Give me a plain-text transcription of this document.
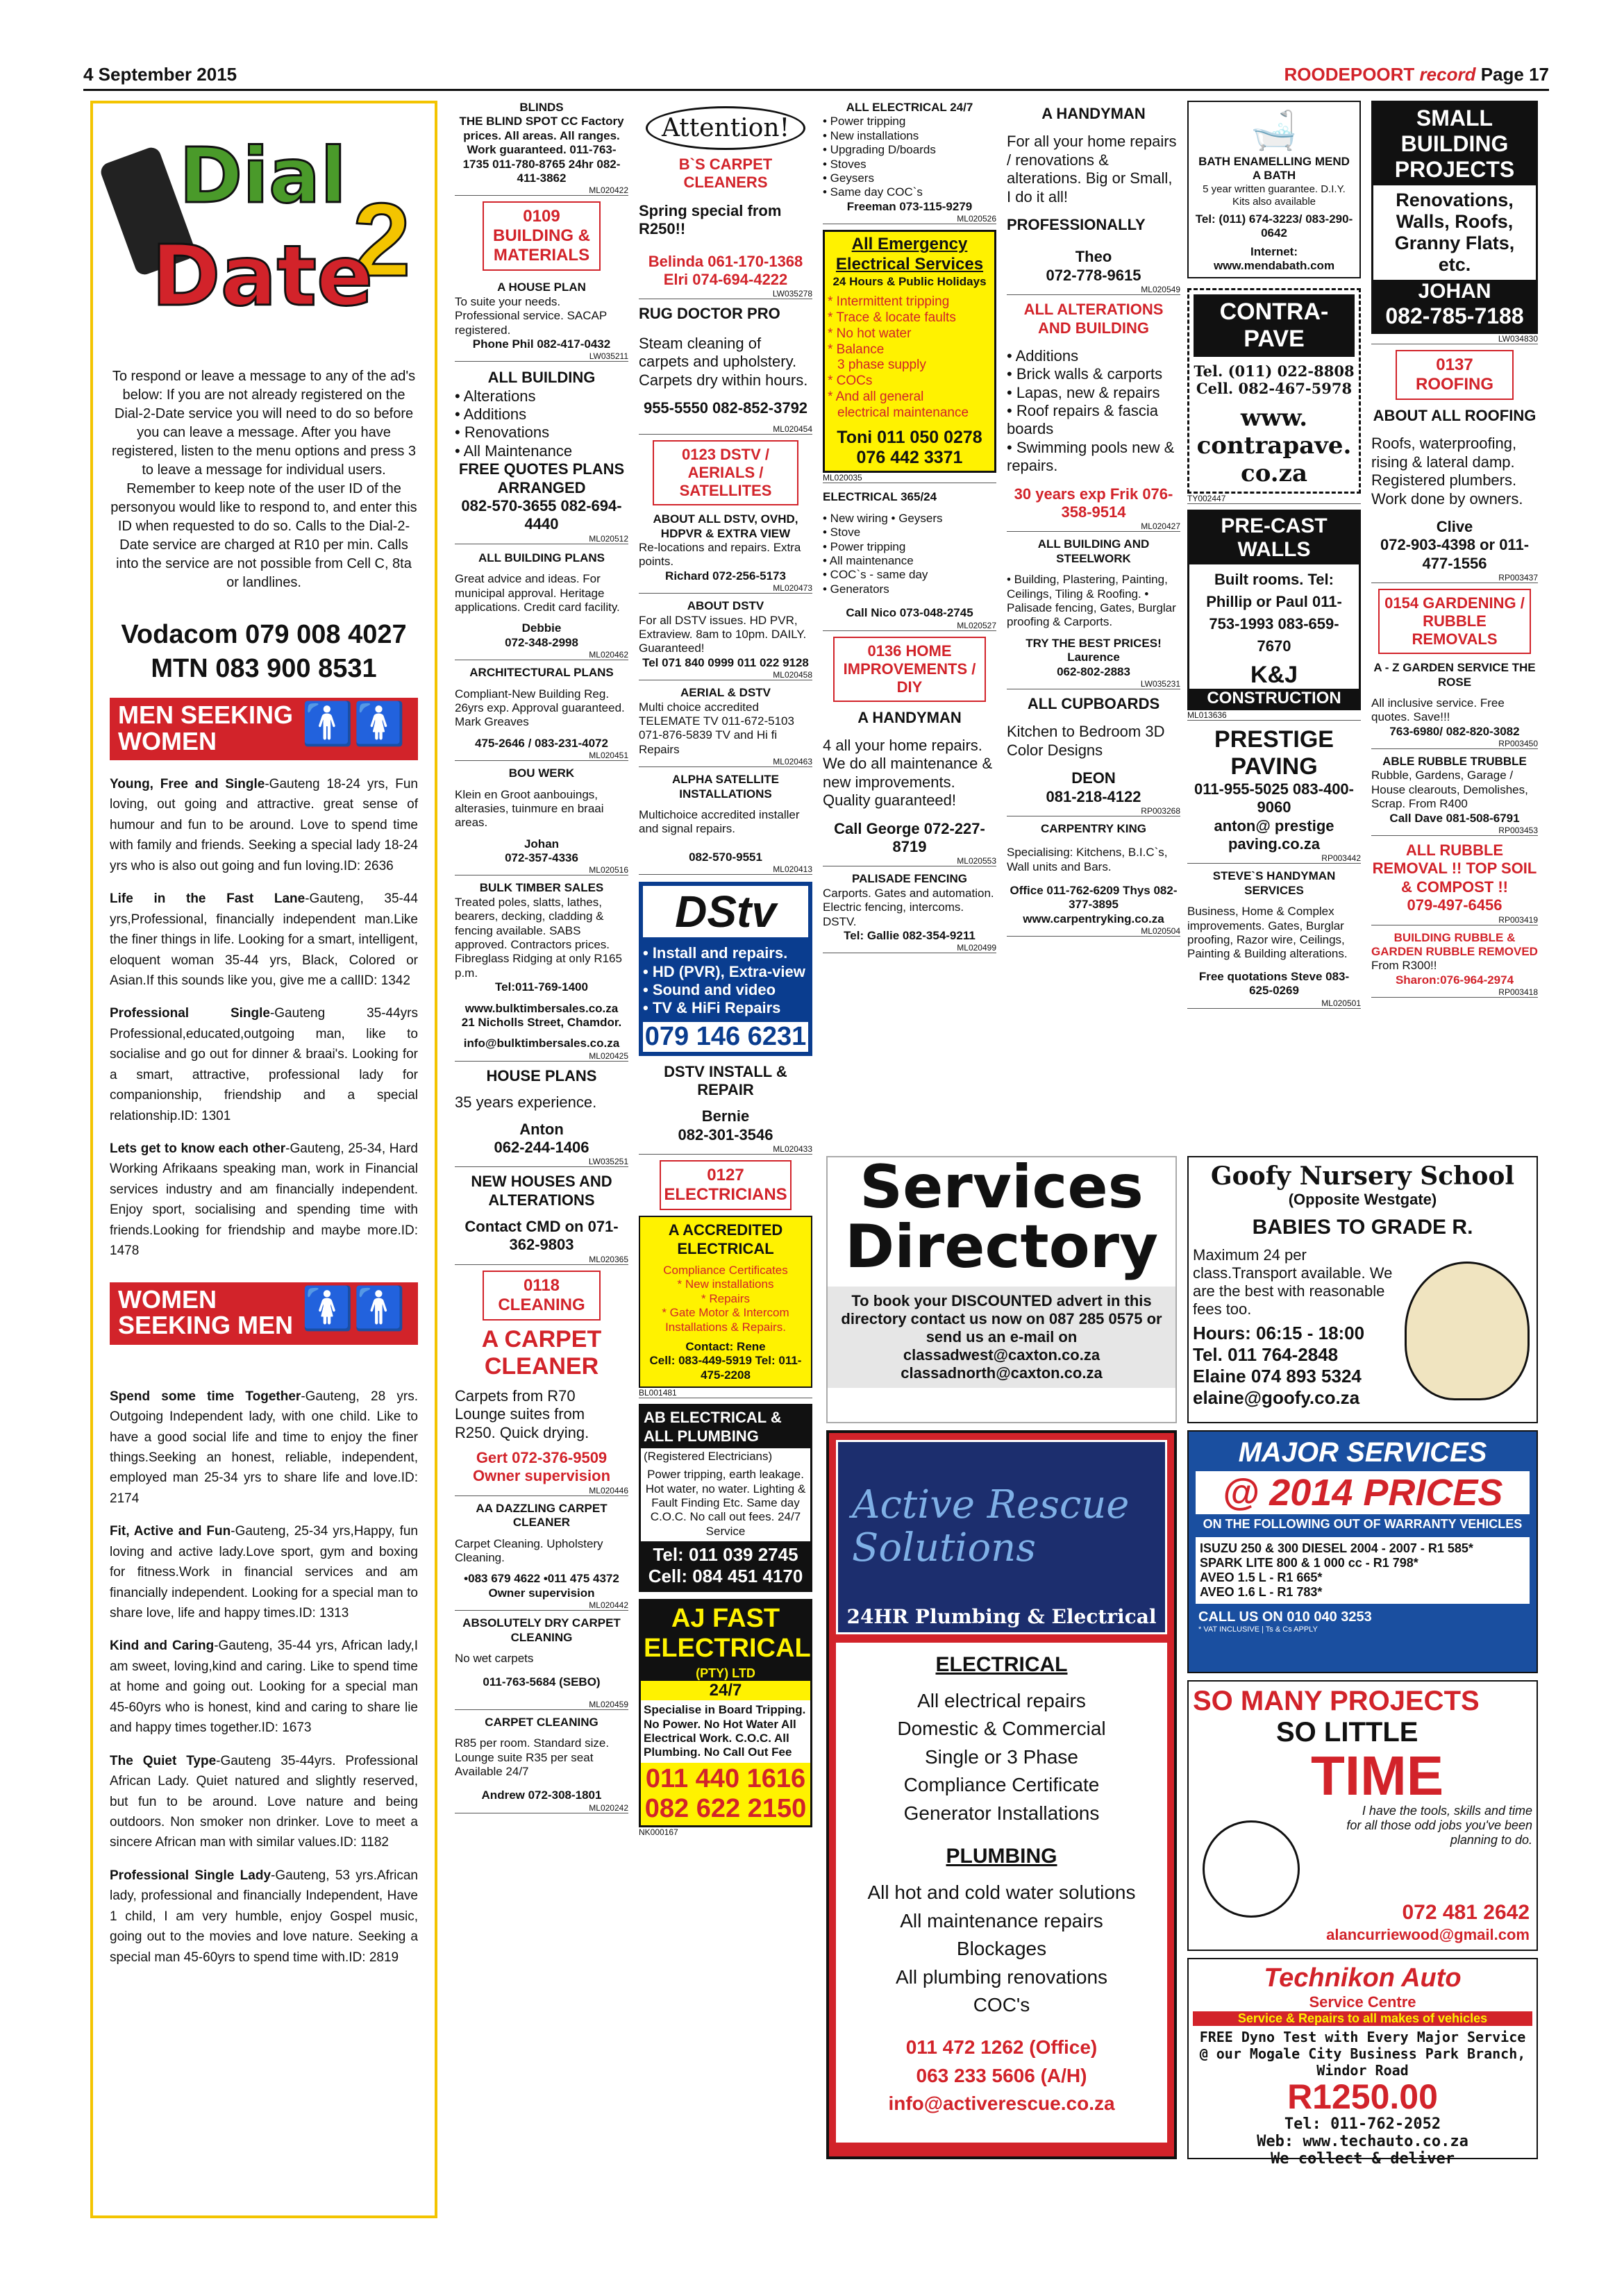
4 September 2015	ROODEPOORT record Page 17
Dial
2
Date
To respond or leave a message to any of the ad's below: If you are not already registered on the Dial-2-Date service you will need to do so before you can leave a message. After you have registered, listen to the menu options and press 3 to leave a message for individual users. Remember to keep note of the user ID of the personyou would like to respond to, and enter this ID when requested to do so. Calls to the Dial-2-Date service are charged at R10 per min. Calls into the service are not possible from Cell C, 8ta or landlines.
Vodacom 079 008 4027
MTN 083 900 8531
MEN SEEKING
WOMEN	🚹🚺

Young, Free and Single-Gauteng 18-24 yrs, Fun loving, out going and attractive. great sense of humour and fun to be around. Love to spend time with family and friends. Seeking a special lady 18-24 yrs who is also out going and fun loving.ID: 2636

Life in the Fast Lane-Gauteng, 35-44 yrs,Professional, financially independent man.Like the finer things in life. Looking for a smart, intelligent, eloquent woman 35-44 yrs, Black, Colored or Asian.If this sounds like you, give me a callID: 1342

Professional Single-Gauteng 35-44yrs Professional,educated,outgoing man, like to socialise and go out for dinner & braai's. Looking for a smart, attractive, professional lady for companionship, friendship and a special relationship.ID: 1301

Lets get to know each other-Gauteng, 25-34, Hard Working Afrikaans speaking man, work in Financial services industry and am financially independent. Enjoy sport, socialising and spending time with friends.Looking for friendship and maybe more.ID: 1478

WOMEN
SEEKING MEN 🚺🚹

Spend some time Together-Gauteng, 28 yrs. Outgoing Independent lady, with one child. Like to have a good social life and time to enjoy the finer things.Seeking an honest, reliable, independent, employed man 25-34 yrs to share life and love.ID: 2174

Fit, Active and Fun-Gauteng, 25-34 yrs,Happy, fun loving and active lady.Love sport, gym and boxing for fitness.Work in financial services and am financially independent. Looking for a special man to share love, life and happy times.ID: 1313

Kind and Caring-Gauteng, 35-44 yrs, African lady,I am sweet, loving,kind and caring. Like to spend time at home and going out. Looking for a special man 45-60yrs who is honest, kind and caring to share lie and happy times together.ID: 1673

The Quiet Type-Gauteng 35-44yrs. Professional African Lady. Quiet natured and slightly reserved, but fun to be around. Love nature and being outdoors. Non smoker non drinker. Love to meet a sincere African man with similar values.ID: 1182

Professional Single Lady-Gauteng, 53 yrs.African lady, professional and financially Independent, Have 1 child, I am very humble, enjoy Gospel music, going out to the movies and love nature. Seeking a special man 45-60yrs to spend time with.ID: 2819

BLINDS
THE BLIND SPOT CC Factory prices. All areas. All ranges. Work guaranteed. 011-763-1735 011-780-8765 24hr 082-411-3862
ML020422
0109 BUILDING & MATERIALS
A HOUSE PLAN
To suite your needs. Professional service. SACAP registered.
Phone Phil 082-417-0432
LW035211
ALL BUILDING
• Alterations
• Additions
• Renovations
• All Maintenance
FREE QUOTES PLANS ARRANGED
082-570-3655 082-694-4440
ML020512
ALL BUILDING PLANS
Great advice and ideas. For municipal approval. Heritage applications. Credit card facility.
Debbie
072-348-2998
ML020462
ARCHITECTURAL PLANS
Compliant-New Building Reg. 26yrs exp. Approval guaranteed. Mark Greaves
475-2646 / 083-231-4072
ML020451
BOU WERK
Klein en Groot aanbouings, alterasies, tuinmure en braai areas.
Johan
072-357-4336
ML020516
BULK TIMBER SALES
Treated poles, slatts, lathes, bearers, decking, cladding & fencing available. SABS approved. Contractors prices. Fibreglass Ridging at only R165 p.m.
Tel:011-769-1400
www.bulktimbersales.co.za
21 Nicholls Street, Chamdor.
info@bulktimbersales.co.za
ML020425
HOUSE PLANS
35 years experience.
Anton
062-244-1406
LW035251
NEW HOUSES AND ALTERATIONS
Contact CMD on 071-362-9803
ML020365
0118 CLEANING
A CARPET CLEANER
Carpets from R70 Lounge suites from R250. Quick drying.
Gert 072-376-9509 Owner supervision
ML020446
AA DAZZLING CARPET CLEANER
Carpet Cleaning. Upholstery Cleaning.
•083 679 4622 •011 475 4372
Owner supervision
ML020442
ABSOLUTELY DRY CARPET CLEANING
No wet carpets
011-763-5684 (SEBO)
ML020459
CARPET CLEANING
R85 per room. Standard size. Lounge suite R35 per seat Available 24/7
Andrew 072-308-1801
ML020242
Attention!
B`S CARPET CLEANERS
Spring special from R250!!
Belinda 061-170-1368 Elri 074-694-4222
LW035278
RUG DOCTOR PRO
Steam cleaning of carpets and upholstery. Carpets dry within hours.
955-5550 082-852-3792
ML020454
0123 DSTV / AERIALS / SATELLITES
ABOUT ALL DSTV, OVHD, HDPVR & EXTRA VIEW
Re-locations and repairs. Extra points.
Richard 072-256-5173
ML020473
ABOUT DSTV
For all DSTV issues. HD PVR, Extraview. 8am to 10pm. DAILY. Guaranteed!
Tel 071 840 0999 011 022 9128
ML020458
AERIAL & DSTV
Multi choice accredited TELEMATE TV 011-672-5103 071-876-5839 TV and Hi fi Repairs
ML020463
ALPHA SATELLITE INSTALLATIONS
Multichoice accredited installer and signal repairs.
082-570-9551
ML020413
DStv
• Install and repairs.
• HD (PVR), Extra-view
• Sound and video
• TV & HiFi Repairs
079 146 6231
DSTV INSTALL & REPAIR
Bernie
082-301-3546
ML020433
0127 ELECTRICIANS
A ACCREDITED ELECTRICAL
Compliance Certificates
* New installations
* Repairs
* Gate Motor & Intercom Installations & Repairs.
Contact: Rene
Cell: 083-449-5919 Tel: 011-475-2208
BL001481
AB ELECTRICAL & ALL PLUMBING
(Registered Electricians)
Power tripping, earth leakage. Hot water, no water. Lighting & Fault Finding Etc. Same day C.O.C. No call out fees. 24/7 Service
Tel: 011 039 2745 Cell: 084 451 4170
AJ FAST ELECTRICAL
(PTY) LTD
24/7
Specialise in Board Tripping. No Power. No Hot Water All Electrical Work. C.O.C. All Plumbing. No Call Out Fee
011 440 1616 082 622 2150
NK000167
ALL ELECTRICAL 24/7
• Power tripping
• New installations
• Upgrading D/boards
• Stoves
• Geysers
• Same day COC`s
Freeman 073-115-9279
ML020526
All Emergency Electrical Services
24 Hours & Public Holidays
* Intermittent tripping
* Trace & locate faults
* No hot water
* Balance
3 phase supply
* COCs
* And all general
electrical maintenance
Toni 011 050 0278 076 442 3371
ML020035
ELECTRICAL 365/24
• New wiring • Geysers
• Stove
• Power tripping
• All maintenance
• COC`s - same day
• Generators
Call Nico 073-048-2745
ML020527
0136 HOME IMPROVEMENTS / DIY
A HANDYMAN
4 all your home repairs. We do all maintenance & new improvements. Quality guaranteed!
Call George 072-227-8719
ML020553
PALISADE FENCING
Carports. Gates and automation. Electric fencing, intercoms. DSTV.
Tel: Gallie 082-354-9211
ML020499
A HANDYMAN
For all your home repairs / renovations & alterations. Big or Small, I do it all!
PROFESSIONALLY
Theo
072-778-9615
ML020549
ALL ALTERATIONS AND BUILDING
• Additions
• Brick walls & carports
• Lapas, new & repairs
• Roof repairs & fascia boards
• Swimming pools new & repairs.
30 years exp Frik 076-358-9514
ML020427
ALL BUILDING AND STEELWORK
• Building, Plastering, Painting, Ceilings, Tiling & Roofing. • Palisade fencing, Gates, Burglar proofing & Carports.
TRY THE BEST PRICES!
Laurence
062-802-2883
LW035231
ALL CUPBOARDS
Kitchen to Bedroom 3D Color Designs
DEON
081-218-4122
RP003268
CARPENTRY KING
Specialising: Kitchens, B.I.C`s, Wall units and Bars.
Office 011-762-6209 Thys 082-377-3895
www.carpentryking.co.za
ML020504
🛁
BATH ENAMELLING MEND A BATH
5 year written guarantee. D.I.Y. Kits also available
Tel: (011) 674-3223/ 083-290-0642
Internet: www.mendabath.com
CONTRA-PAVE
Tel. (011) 022-8808 Cell. 082-467-5978
www. contrapave. co.za
TY002447
PRE-CAST WALLS
Built rooms. Tel: Phillip or Paul 011-753-1993 083-659-7670
K&J
CONSTRUCTION
ML013636
PRESTIGE PAVING
011-955-5025 083-400-9060
anton@ prestige paving.co.za
RP003442
STEVE`S HANDYMAN SERVICES
Business, Home & Complex improvements. Gates, Burglar proofing, Razor wire, Ceilings, Painting & Building alterations.
Free quotations Steve 083-625-0269
ML020501
SMALL BUILDING PROJECTS
Renovations, Walls, Roofs, Granny Flats, etc.
JOHAN
082-785-7188
LW034830
0137 ROOFING
ABOUT ALL ROOFING
Roofs, waterproofing, rising & lateral damp. Registered plumbers. Work done by owners.
Clive
072-903-4398 or 011-477-1556
RP003437
0154 GARDENING / RUBBLE REMOVALS
A - Z GARDEN SERVICE THE ROSE
All inclusive service. Free quotes. Save!!!
763-6980/ 082-820-3082
RP003450
ABLE RUBBLE TRUBBLE
Rubble, Gardens, Garage / House clearouts, Demolishes, Scrap. From R400
Call Dave 081-508-6791
RP003453
ALL RUBBLE REMOVAL !! TOP SOIL & COMPOST !!
079-497-6456
RP003419
BUILDING RUBBLE & GARDEN RUBBLE REMOVED
From R300!!
Sharon:076-964-2974
RP003418
Services
Directory
To book your DISCOUNTED advert in this directory contact us now on 087 285 0575 or send us an e-mail on classadwest@caxton.co.za classadnorth@caxton.co.za
Goofy Nursery School
(Opposite Westgate)
BABIES TO GRADE R.
Maximum 24 per class.Transport available. We are the best with reasonable fees too.
Hours: 06:15 - 18:00
Tel. 011 764-2848
Elaine 074 893 5324
elaine@goofy.co.za
Active Rescue Solutions
24HR Plumbing & Electrical
ELECTRICAL
All electrical repairs
Domestic & Commercial
Single or 3 Phase
Compliance Certificate
Generator Installations
PLUMBING
All hot and cold water solutions
All maintenance repairs
Blockages
All plumbing renovations
COC's
011 472 1262 (Office)
063 233 5606 (A/H)
info@activerescue.co.za
MAJOR SERVICES
@ 2014 PRICES
ON THE FOLLOWING OUT OF WARRANTY VEHICLES
ISUZU 250 & 300 DIESEL 2004 - 2007 - R1 585*
SPARK LITE 800 & 1 000 cc - R1 798*
AVEO 1.5 L - R1 665*
AVEO 1.6 L - R1 783*
CALL US ON 010 040 3253
* VAT INCLUSIVE | Ts & Cs APPLY
SO MANY PROJECTS
SO LITTLE
TIME
I have the tools, skills and time for all those odd jobs you've been planning to do.
072 481 2642
alancurriewood@gmail.com
Technikon Auto
Service Centre
Service & Repairs to all makes of vehicles
FREE Dyno Test with Every Major Service @ our Mogale City Business Park Branch, Windor Road
R1250.00
Tel: 011-762-2052
Web: www.techauto.co.za
We collect & deliver
